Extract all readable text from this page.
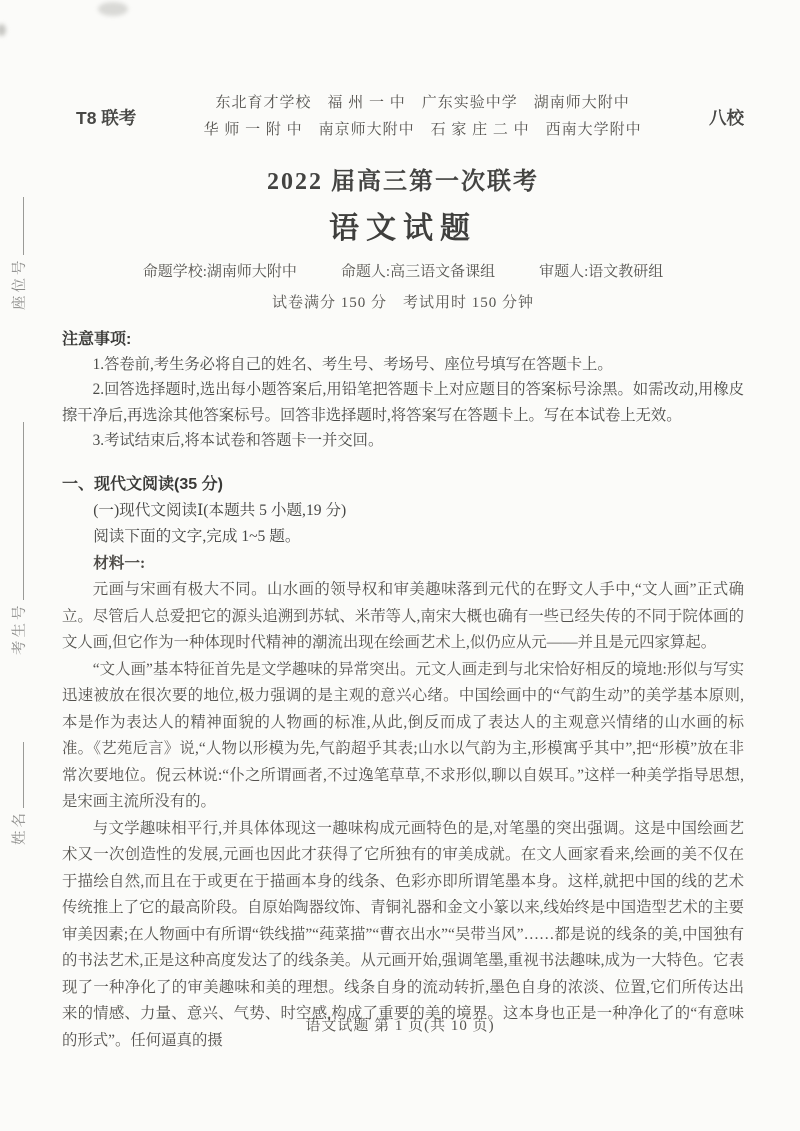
座位号
考生号
姓名
T8 联考
东北育才学校　福 州 一 中　广东实验中学　湖南师大附中
华 师 一 附 中　南京师大附中　石 家 庄 二 中　西南大学附中
八校
2022 届高三第一次联考
语文试题
命题学校:湖南师大附中	命题人:高三语文备课组	审题人:语文教研组
试卷满分 150 分　考试用时 150 分钟
注意事项:
1.答卷前,考生务必将自己的姓名、考生号、考场号、座位号填写在答题卡上。
2.回答选择题时,选出每小题答案后,用铅笔把答题卡上对应题目的答案标号涂黑。如需改动,用橡皮擦干净后,再选涂其他答案标号。回答非选择题时,将答案写在答题卡上。写在本试卷上无效。
3.考试结束后,将本试卷和答题卡一并交回。
一、现代文阅读(35 分)
(一)现代文阅读Ⅰ(本题共 5 小题,19 分)
阅读下面的文字,完成 1~5 题。
材料一:
元画与宋画有极大不同。山水画的领导权和审美趣味落到元代的在野文人手中,“文人画”正式确立。尽管后人总爱把它的源头追溯到苏轼、米芾等人,南宋大概也确有一些已经失传的不同于院体画的文人画,但它作为一种体现时代精神的潮流出现在绘画艺术上,似仍应从元——并且是元四家算起。
“文人画”基本特征首先是文学趣味的异常突出。元文人画走到与北宋恰好相反的境地:形似与写实迅速被放在很次要的地位,极力强调的是主观的意兴心绪。中国绘画中的“气韵生动”的美学基本原则,本是作为表达人的精神面貌的人物画的标准,从此,倒反而成了表达人的主观意兴情绪的山水画的标准。《艺苑卮言》说,“人物以形模为先,气韵超乎其表;山水以气韵为主,形模寓乎其中”,把“形模”放在非常次要地位。倪云林说:“仆之所谓画者,不过逸笔草草,不求形似,聊以自娱耳。”这样一种美学指导思想,是宋画主流所没有的。
与文学趣味相平行,并具体体现这一趣味构成元画特色的是,对笔墨的突出强调。这是中国绘画艺术又一次创造性的发展,元画也因此才获得了它所独有的审美成就。在文人画家看来,绘画的美不仅在于描绘自然,而且在于或更在于描画本身的线条、色彩亦即所谓笔墨本身。这样,就把中国的线的艺术传统推上了它的最高阶段。自原始陶器纹饰、青铜礼器和金文小篆以来,线始终是中国造型艺术的主要审美因素;在人物画中有所谓“铁线描”“莼菜描”“曹衣出水”“吴带当风”……都是说的线条的美,中国独有的书法艺术,正是这种高度发达了的线条美。从元画开始,强调笔墨,重视书法趣味,成为一大特色。它表现了一种净化了的审美趣味和美的理想。线条自身的流动转折,墨色自身的浓淡、位置,它们所传达出来的情感、力量、意兴、气势、时空感,构成了重要的美的境界。这本身也正是一种净化了的“有意味的形式”。任何逼真的摄
语文试题 第 1 页(共 10 页)
